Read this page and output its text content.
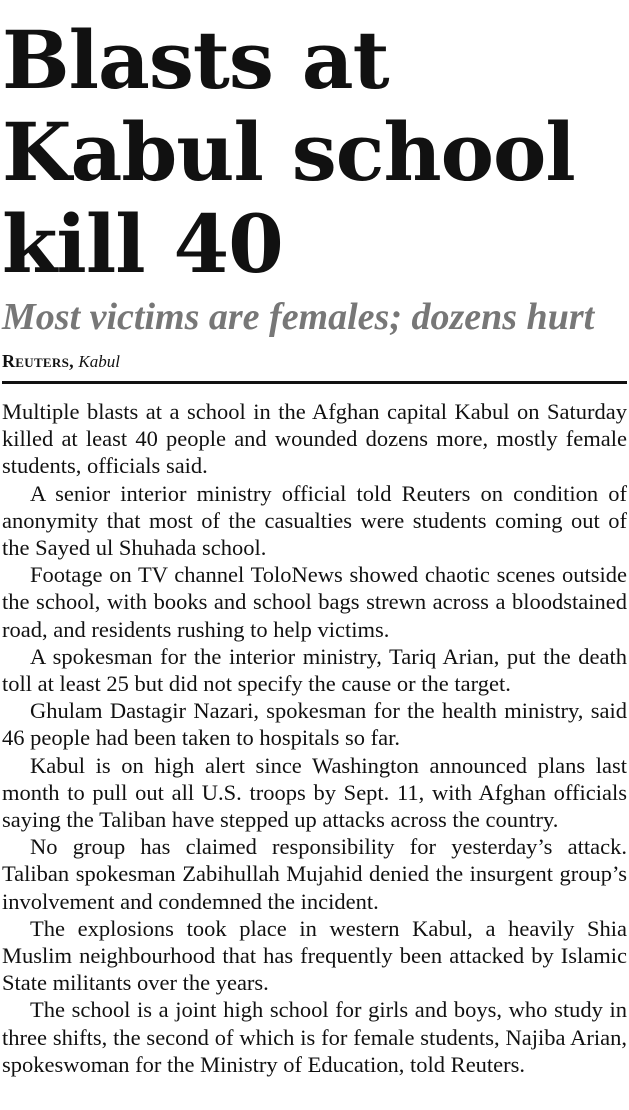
Blasts at Kabul school kill 40
Most victims are females; dozens hurt
Reuters, Kabul

Multiple blasts at a school in the Afghan capital Kabul on Saturday killed at least 40 people and wounded dozens more, mostly female students, officials said.

A senior interior ministry official told Reuters on condition of anonymity that most of the casualties were students coming out of the Sayed ul Shuhada school.

Footage on TV channel ToloNews showed chaotic scenes outside the school, with books and school bags strewn across a bloodstained road, and residents rushing to help victims.

A spokesman for the interior ministry, Tariq Arian, put the death toll at least 25 but did not specify the cause or the target.

Ghulam Dastagir Nazari, spokesman for the health ministry, said 46 people had been taken to hospitals so far.

Kabul is on high alert since Washington announced plans last month to pull out all U.S. troops by Sept. 11, with Afghan officials saying the Taliban have stepped up attacks across the country.

No group has claimed responsibility for yesterday’s attack. Taliban spokesman Zabihullah Mujahid denied the insurgent group’s involvement and condemned the incident.

The explosions took place in western Kabul, a heavily Shia Muslim neighbourhood that has frequently been attacked by Islamic State militants over the years.

The school is a joint high school for girls and boys, who study in three shifts, the second of which is for female students, Najiba Arian, spokeswoman for the Ministry of Education, told Reuters.
